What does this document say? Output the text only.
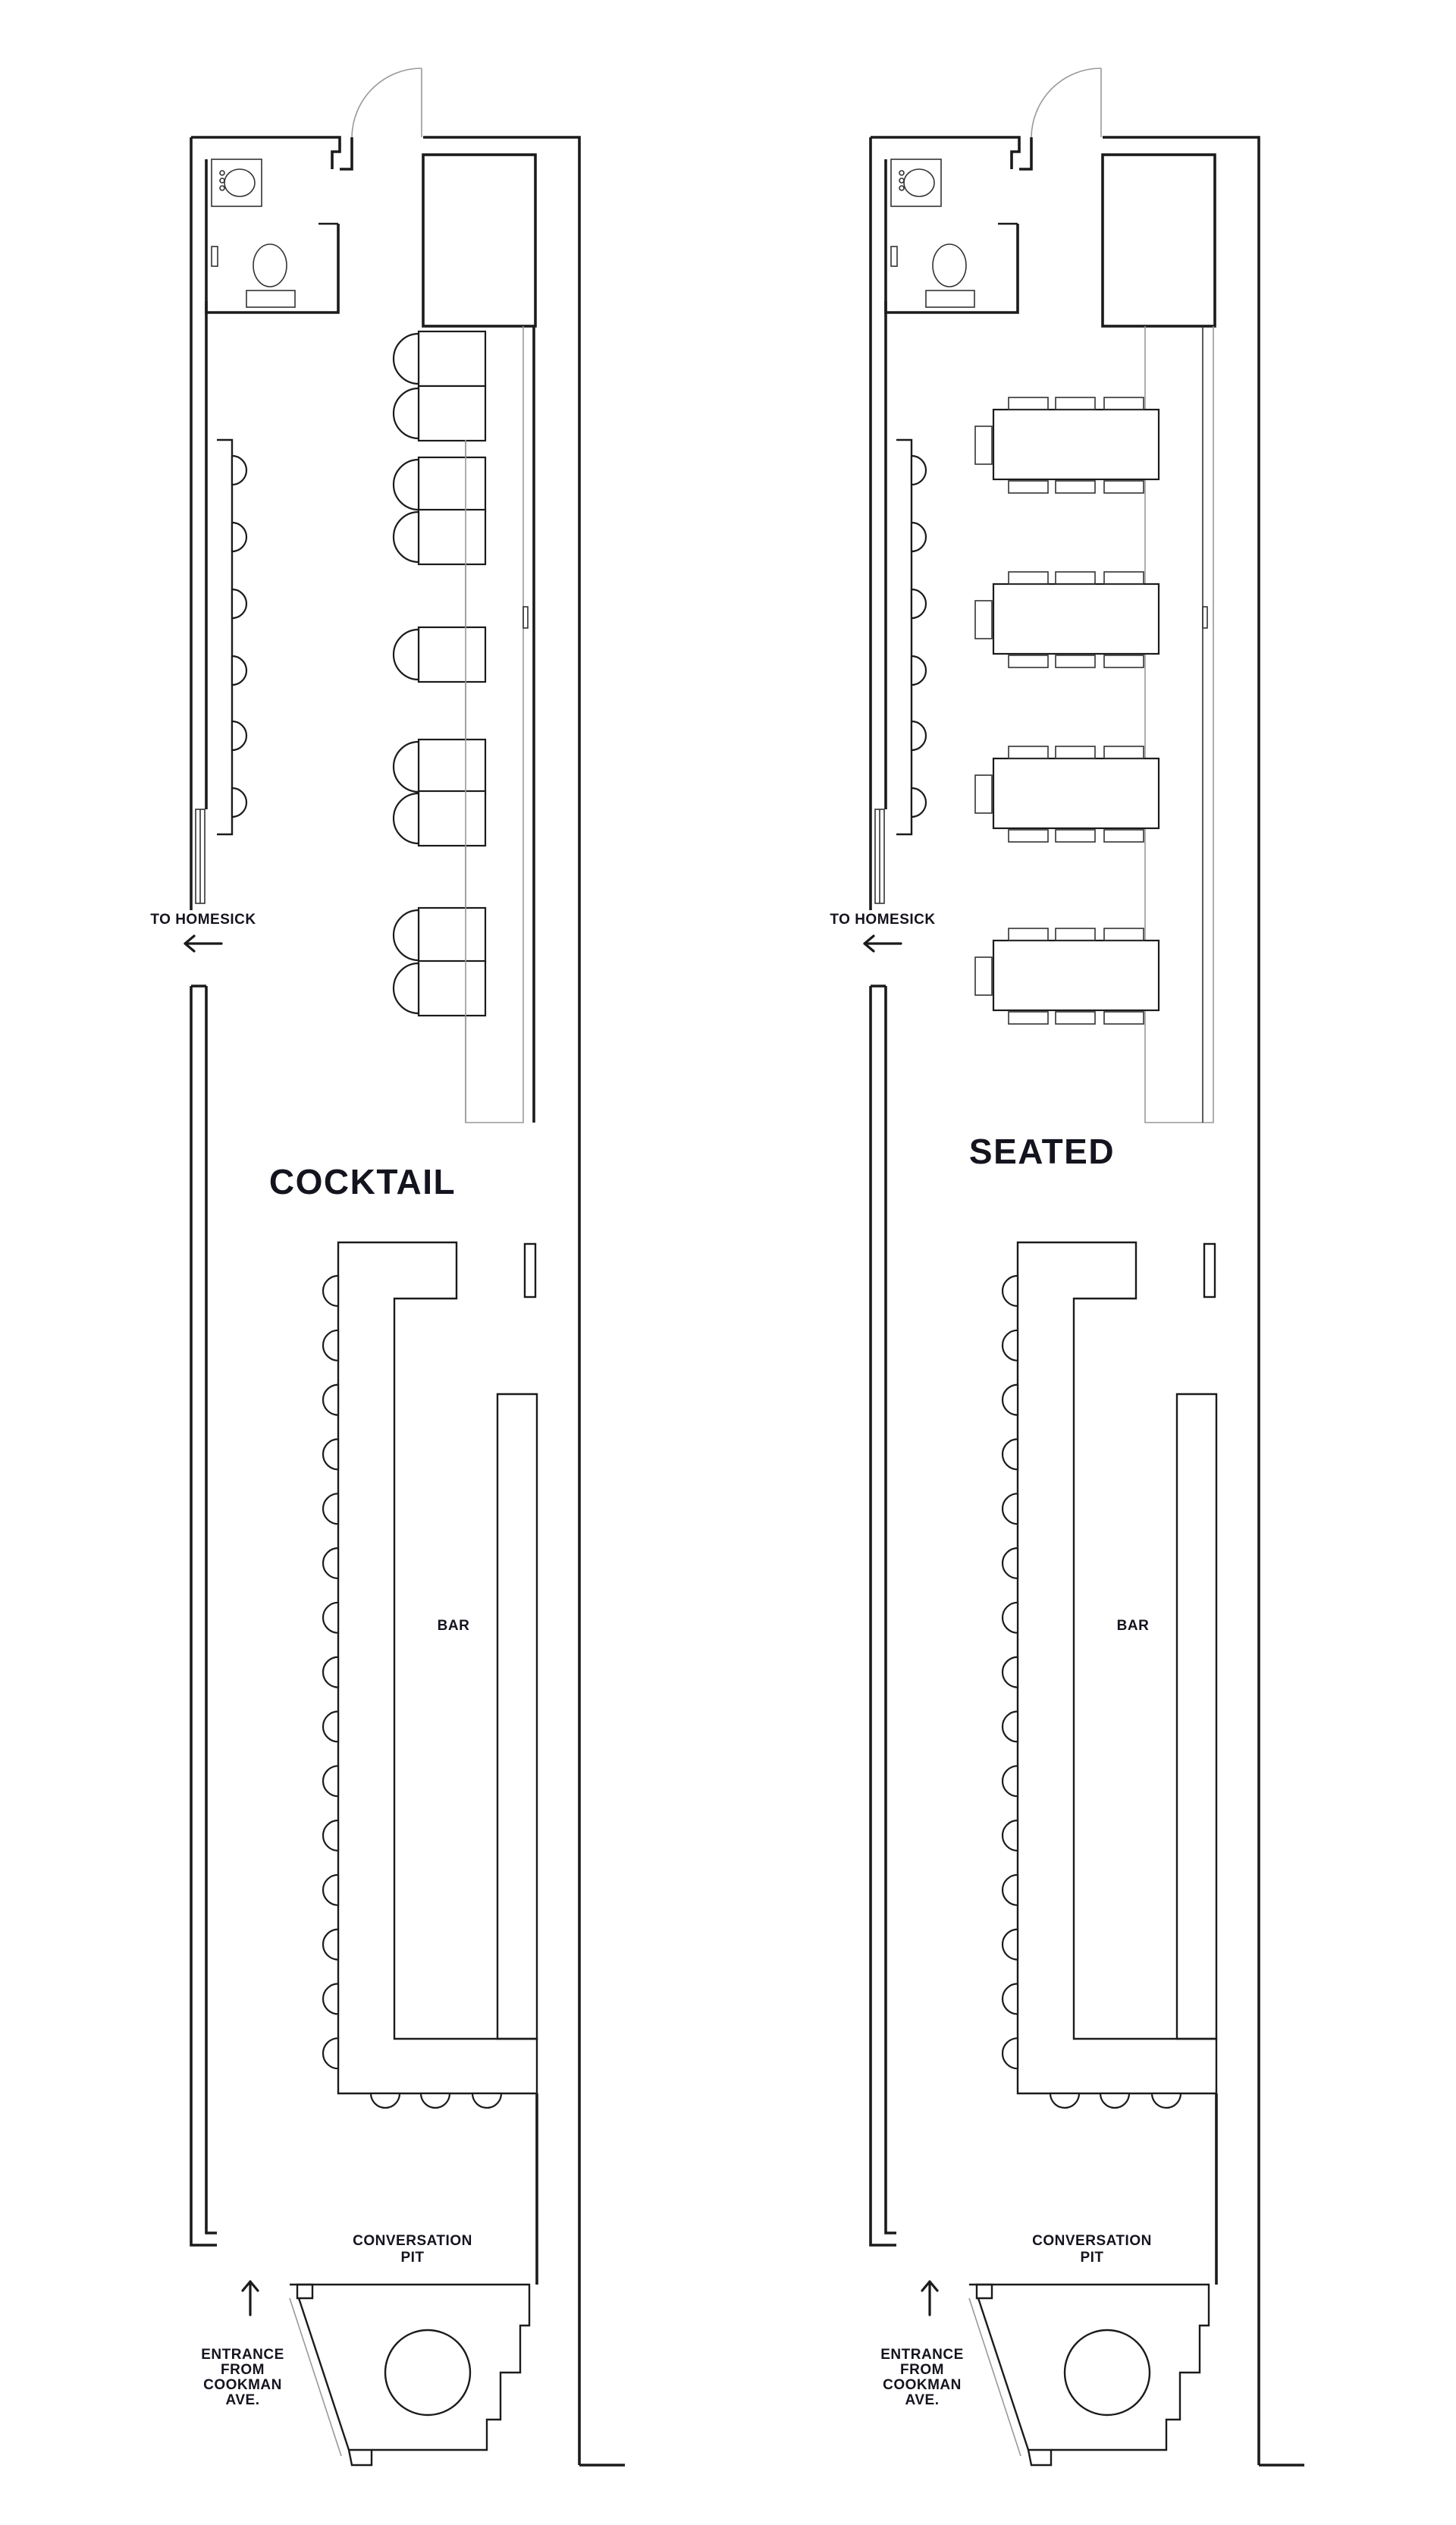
TO HOMESICK
COCKTAIL
BAR
CONVERSATION
PIT
ENTRANCE
FROM
COOKMAN
AVE.
TO HOMESICK
SEATED
BAR
CONVERSATION
PIT
ENTRANCE
FROM
COOKMAN
AVE.
